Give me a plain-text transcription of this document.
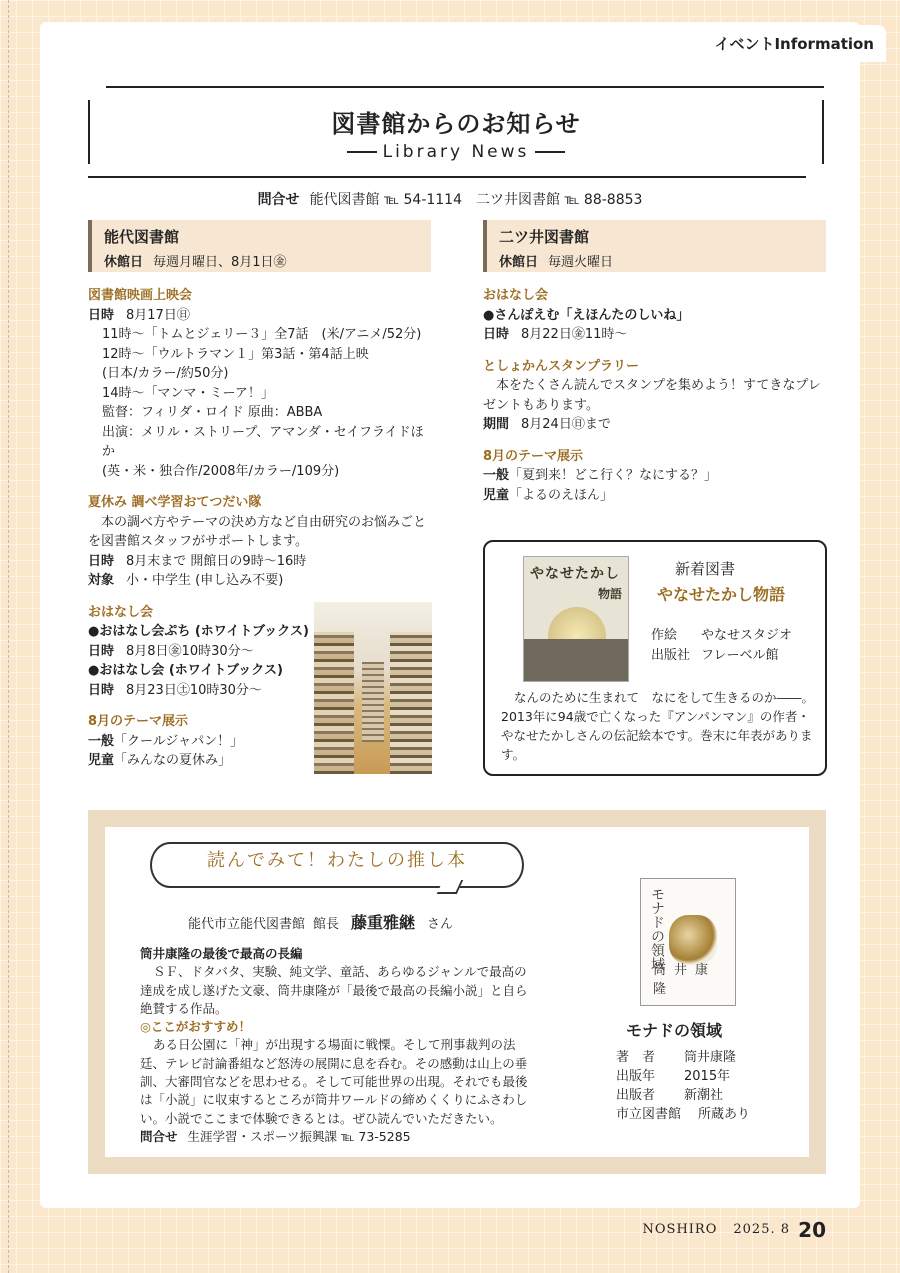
イベントInformation
図書館からのお知らせ
Library News
問合せ 能代図書館 ℡ 54-1114　二ツ井図書館 ℡ 88-8853
能代図書館
休館日 毎週月曜日、8月1日㊎
二ツ井図書館
休館日 毎週火曜日
図書館映画上映会
日時 8月17日㊐
11時～「トムとジェリー３」全7話　(米/アニメ/52分)
12時～「ウルトラマン１」第3話・第4話上映
(日本/カラー/約50分)
14時～「マンマ・ミーア！」
監督：フィリダ・ロイド 原曲：ABBA
出演：メリル・ストリープ、アマンダ・セイフライドほか
(英・米・独合作/2008年/カラー/109分)
夏休み 調べ学習おてつだい隊

本の調べ方やテーマの決め方など自由研究のお悩みごとを図書館スタッフがサポートします。

日時 8月末まで 開館日の9時～16時
対象 小・中学生 (申し込み不要)
おはなし会
●おはなし会ぷち (ホワイトブックス)
日時 8月8日㊎10時30分～
●おはなし会 (ホワイトブックス)
日時 8月23日㊏10時30分～
8月のテーマ展示
一般「クールジャパン！」
児童「みんなの夏休み」
おはなし会
●さんぽえむ「えほんたのしいね」
日時 8月22日㊎11時～
としょかんスタンプラリー

本をたくさん読んでスタンプを集めよう！すてきなプレゼントもあります。

期間 8月24日㊐まで
8月のテーマ展示
一般「夏到来！どこ行く？なにする？」
児童「よるのえほん」
やなせたかし
物語
新着図書
やなせたかし物語
作絵 やなせスタジオ
出版社 フレーベル館

なんのために生まれて　なにをして生きるのか――。2013年に94歳で亡くなった『アンパンマン』の作者・やなせたかしさんの伝記絵本です。巻末に年表があります。

読んでみて！わたしの推し本
能代市立能代図書館 館長 藤重雅継 さん
筒井康隆の最後で最高の長編

ＳＦ、ドタバタ、実験、純文学、童話、あらゆるジャンルで最高の達成を成し遂げた文豪、筒井康隆が「最後で最高の長編小説」と自ら絶賛する作品。

◎ここがおすすめ！

ある日公園に「神」が出現する場面に戦慄。そして刑事裁判の法廷、テレビ討論番組など怒涛の展開に息を呑む。その感動は山上の垂訓、大審問官などを思わせる。そして可能世界の出現。それでも最後は「小説」に収束するところが筒井ワールドの締めくくりにふさわしい。小説でここまで体験できるとは。ぜひ読んでいただきたい。

問合せ 生涯学習・スポーツ振興課 ℡ 73-5285
モナドの領域
筒井康隆
モナドの領域
著　者 筒井康隆
出版年 2015年
出版者 新潮社
市立図書館 所蔵あり
NOSHIRO 2025. 8 20
